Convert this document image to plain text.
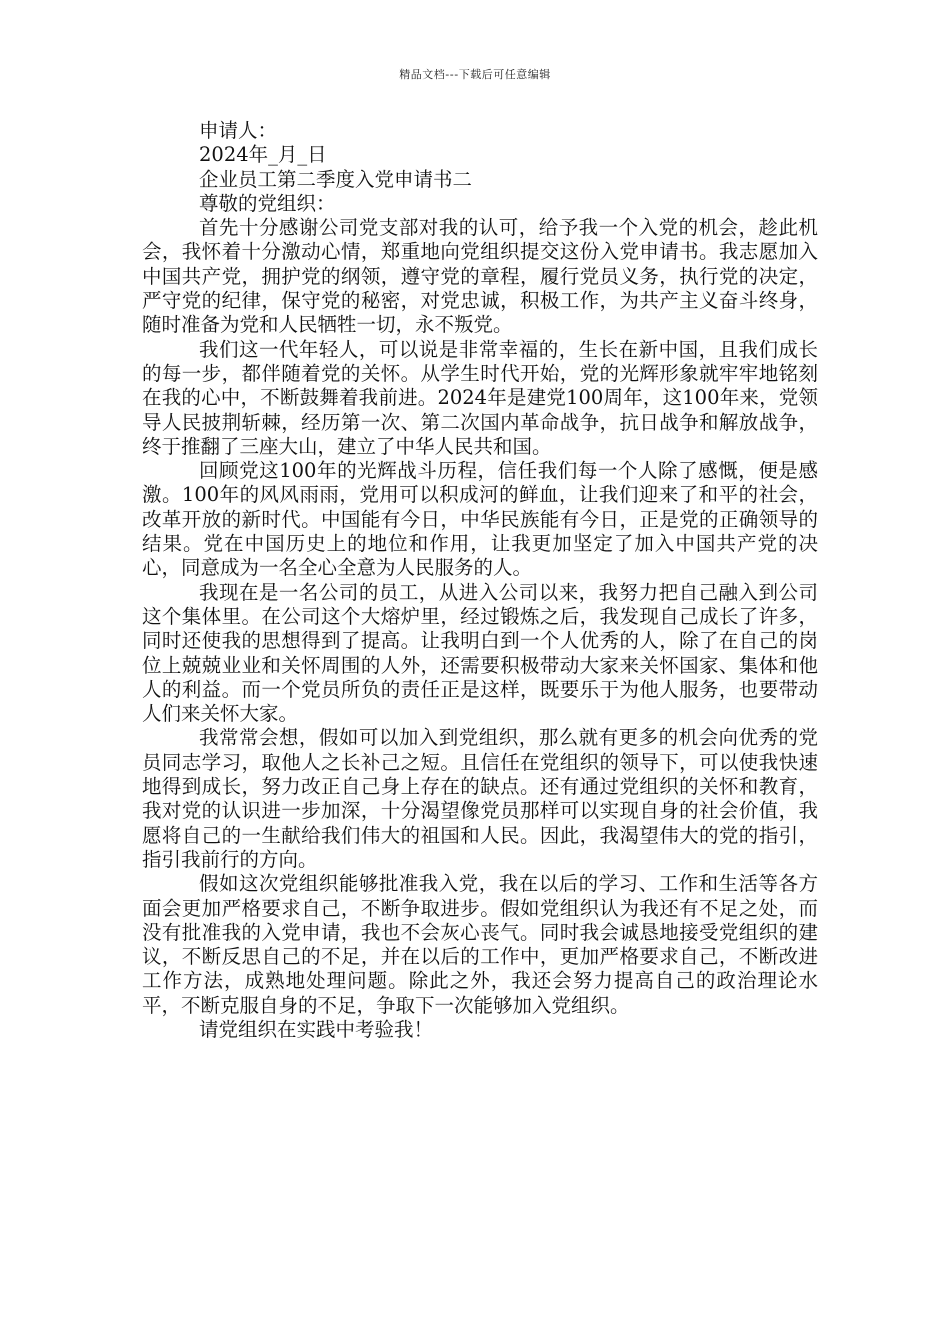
精品文档---下载后可任意编辑

申请人：

2024年_月_日

企业员工第二季度入党申请书二

尊敬的党组织：

首先十分感谢公司党支部对我的认可，给予我一个入党的机会，趁此机会，我怀着十分激动心情，郑重地向党组织提交这份入党申请书。我志愿加入中国共产党，拥护党的纲领，遵守党的章程，履行党员义务，执行党的决定，严守党的纪律，保守党的秘密，对党忠诚，积极工作，为共产主义奋斗终身，随时准备为党和人民牺牲一切，永不叛党。

我们这一代年轻人，可以说是非常幸福的，生长在新中国，且我们成长的每一步，都伴随着党的关怀。从学生时代开始，党的光辉形象就牢牢地铭刻在我的心中，不断鼓舞着我前进。2024年是建党100周年，这100年来，党领导人民披荆斩棘，经历第一次、第二次国内革命战争，抗日战争和解放战争，终于推翻了三座大山，建立了中华人民共和国。

回顾党这100年的光辉战斗历程，信任我们每一个人除了感慨，便是感激。100年的风风雨雨，党用可以积成河的鲜血，让我们迎来了和平的社会，改革开放的新时代。中国能有今日，中华民族能有今日，正是党的正确领导的结果。党在中国历史上的地位和作用，让我更加坚定了加入中国共产党的决心，同意成为一名全心全意为人民服务的人。

我现在是一名公司的员工，从进入公司以来，我努力把自己融入到公司这个集体里。在公司这个大熔炉里，经过锻炼之后，我发现自己成长了许多，同时还使我的思想得到了提高。让我明白到一个人优秀的人，除了在自己的岗位上兢兢业业和关怀周围的人外，还需要积极带动大家来关怀国家、集体和他人的利益。而一个党员所负的责任正是这样，既要乐于为他人服务，也要带动人们来关怀大家。

我常常会想，假如可以加入到党组织，那么就有更多的机会向优秀的党员同志学习，取他人之长补己之短。且信任在党组织的领导下，可以使我快速地得到成长，努力改正自己身上存在的缺点。还有通过党组织的关怀和教育，我对党的认识进一步加深，十分渴望像党员那样可以实现自身的社会价值，我愿将自己的一生献给我们伟大的祖国和人民。因此，我渴望伟大的党的指引，指引我前行的方向。

假如这次党组织能够批准我入党，我在以后的学习、工作和生活等各方面会更加严格要求自己，不断争取进步。假如党组织认为我还有不足之处，而没有批准我的入党申请，我也不会灰心丧气。同时我会诚恳地接受党组织的建议，不断反思自己的不足，并在以后的工作中，更加严格要求自己，不断改进工作方法，成熟地处理问题。除此之外，我还会努力提高自己的政治理论水平，不断克服自身的不足，争取下一次能够加入党组织。

请党组织在实践中考验我！
